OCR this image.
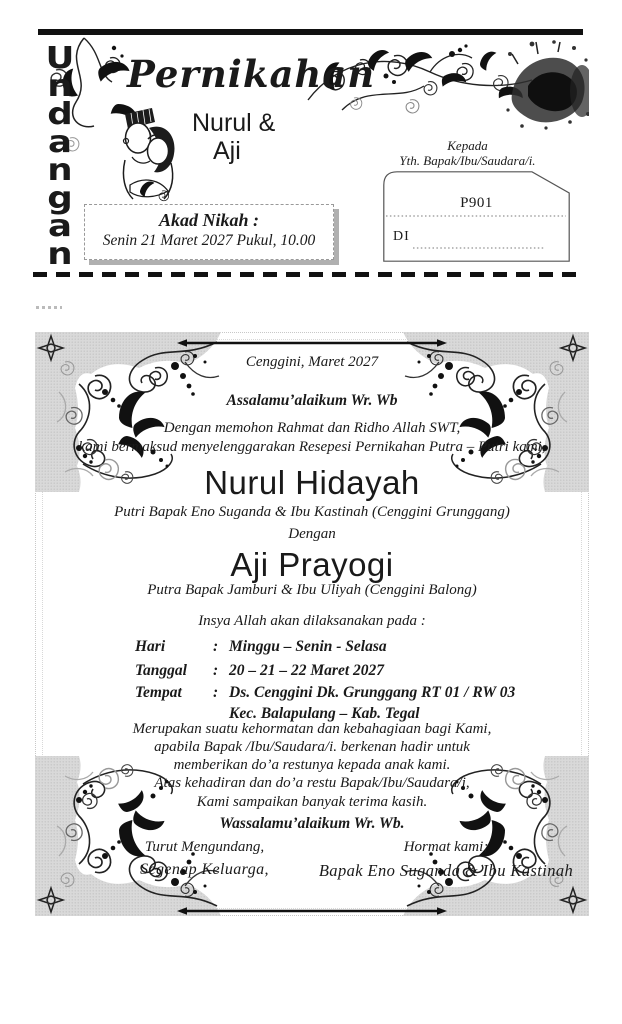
U
n
d
a
n
g
a
n
Pernikahan
Nurul &
Aji	Kepada
Yth. Bapak/Ibu/Saudara/i.
P901
DI
Akad Nikah :
Senin 21 Maret 2027 Pukul, 10.00
Cenggini, Maret 2027
Assalamu’alaikum Wr. Wb
Dengan memohon Rahmat dan Ridho Allah SWT,
kami bermaksud menyelenggarakan Resepesi Pernikahan Putra – Putri kami,
Nurul Hidayah
Putri Bapak Eno Suganda & Ibu Kastinah (Cenggini Grunggang)
Dengan
Aji Prayogi
Putra Bapak Jamburi & Ibu Uliyah (Cenggini Balong)
Insya Allah akan dilaksanakan pada :
Hari	: Minggu – Senin - Selasa
Tanggal : 20 – 21 – 22 Maret 2027
Tempat : Ds. Cenggini Dk. Grunggang RT 01 / RW 03
Kec. Balapulang – Kab. Tegal
Merupakan suatu kehormatan dan kebahagiaan bagi Kami,
apabila Bapak /Ibu/Saudara/i. berkenan hadir untuk
memberikan do’a restunya kepada anak kami.
Atas kehadiran dan do’a restu Bapak/Ibu/Saudara/i,
Kami sampaikan banyak terima kasih.
Wassalamu’alaikum Wr. Wb.
Turut Mengundang,
Segenap Keluarga,
Hormat kami;
Bapak Eno Suganda & Ibu Kastinah
